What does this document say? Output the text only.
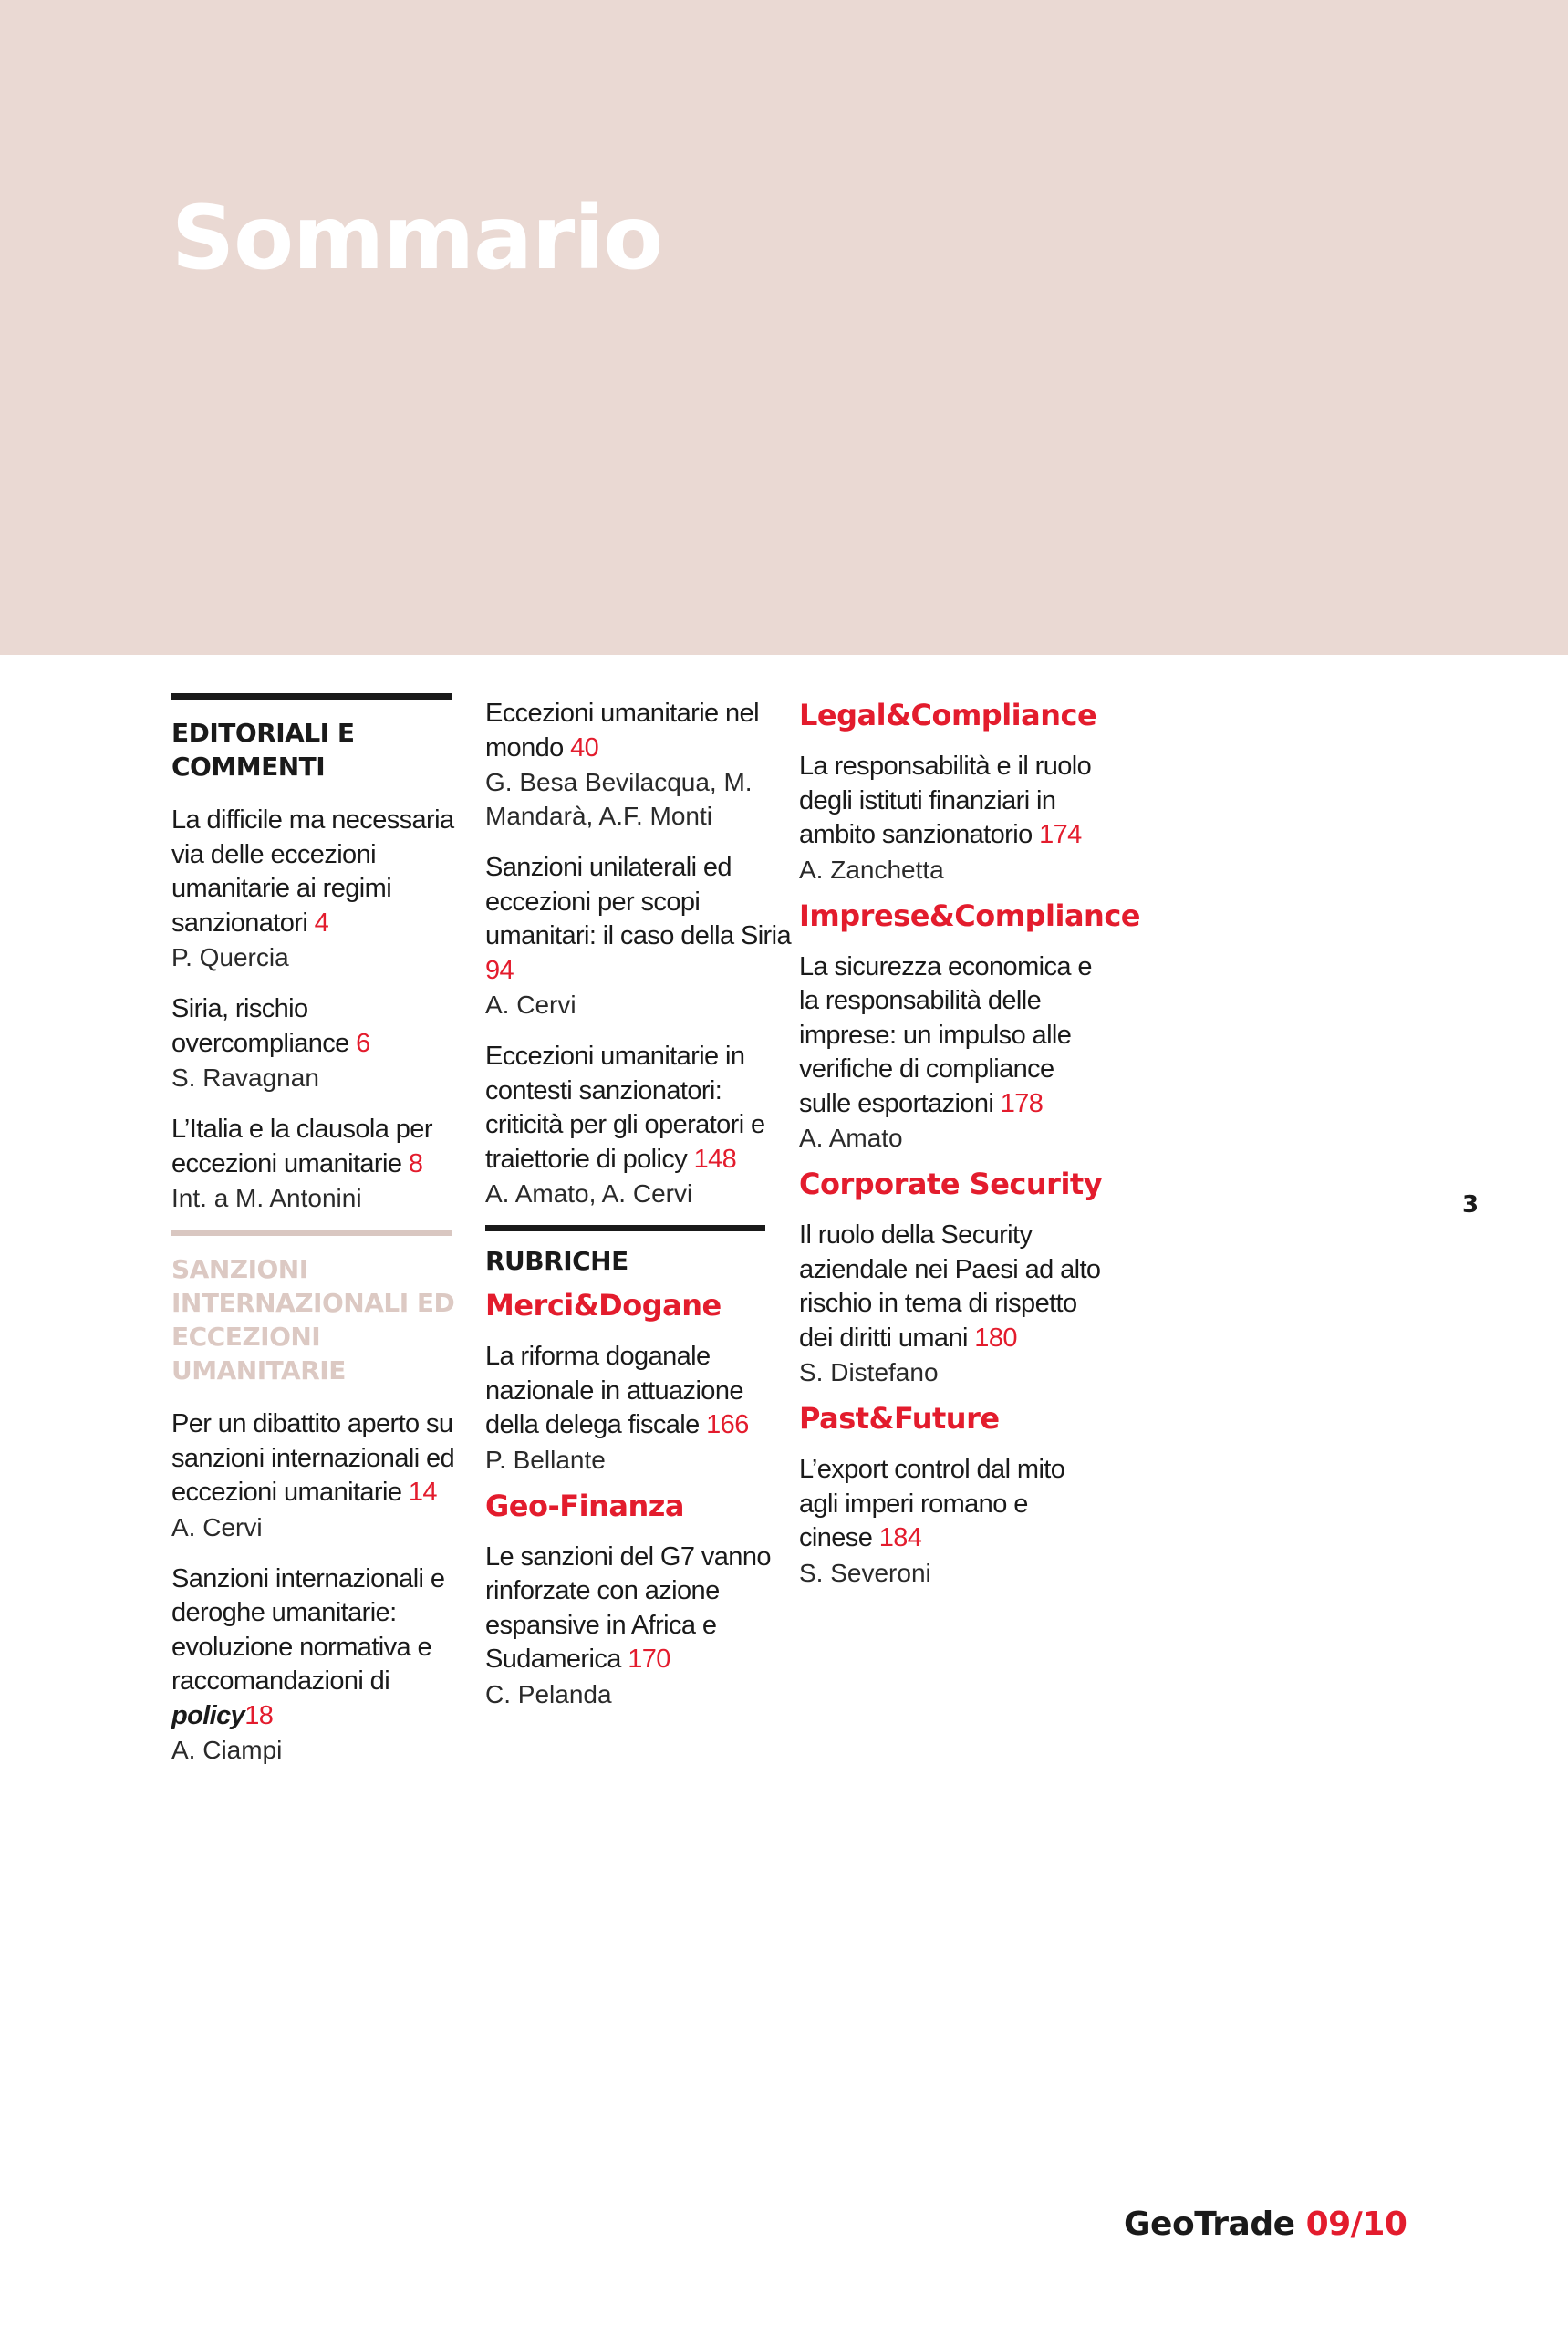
Sommario
EDITORIALI E COMMENTI
La difficile ma necessaria via delle eccezioni umanitarie ai regimi sanzionatori 4
P. Quercia
Siria, rischio overcompliance 6
S. Ravagnan
L’Italia e la clausola per eccezioni umanitarie 8
Int. a M. Antonini
SANZIONI INTERNAZIONALI ED ECCEZIONI UMANITARIE
Per un dibattito aperto su sanzioni internazionali ed eccezioni umanitarie 14
A. Cervi
Sanzioni internazionali e deroghe umanitarie: evoluzione normativa e raccomandazioni di policy18
A. Ciampi
Eccezioni umanitarie nel mondo 40
G. Besa Bevilacqua, M. Mandarà, A.F. Monti
Sanzioni unilaterali ed eccezioni per scopi umanitari: il caso della Siria 94
A. Cervi
Eccezioni umanitarie in contesti sanzionatori: criticità per gli operatori e traiettorie di policy 148
A. Amato, A. Cervi
RUBRICHE
Merci&Dogane
La riforma doganale nazionale in attuazione della delega fiscale 166
P. Bellante
Geo-Finanza
Le sanzioni del G7 vanno rinforzate con azione espansive in Africa e Sudamerica 170
C. Pelanda
Legal&Compliance
La responsabilità e il ruolo degli istituti finanziari in ambito sanzionatorio 174
A. Zanchetta
Imprese&Compliance
La sicurezza economica e la responsabilità delle imprese: un impulso alle verifiche di compliance sulle esportazioni 178
A. Amato
Corporate Security
Il ruolo della Security aziendale nei Paesi ad alto rischio in tema di rispetto dei diritti umani 180
S. Distefano
Past&Future
L’export control dal mito agli imperi romano e cinese 184
S. Severoni
3
GeoTrade 09/10
